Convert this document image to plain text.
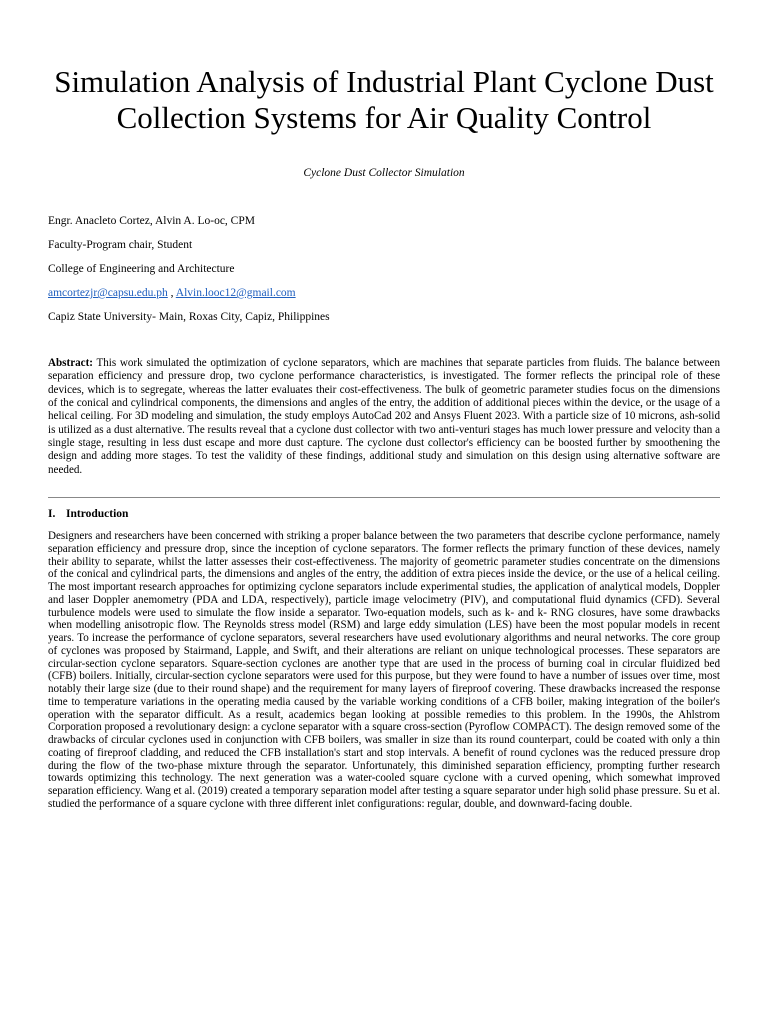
Simulation Analysis of Industrial Plant Cyclone Dust Collection Systems for Air Quality Control
Cyclone Dust Collector Simulation
Engr. Anacleto Cortez, Alvin A. Lo-oc, CPM
Faculty-Program chair, Student
College of Engineering and Architecture
amcortezjr@capsu.edu.ph , Alvin.looc12@gmail.com
Capiz State University- Main, Roxas City, Capiz, Philippines

Abstract: This work simulated the optimization of cyclone separators, which are machines that separate particles from fluids. The balance between separation efficiency and pressure drop, two cyclone performance characteristics, is investigated. The former reflects the principal role of these devices, which is to segregate, whereas the latter evaluates their cost-effectiveness. The bulk of geometric parameter studies focus on the dimensions of the conical and cylindrical components, the dimensions and angles of the entry, the addition of additional pieces within the device, or the usage of a helical ceiling. For 3D modeling and simulation, the study employs AutoCad 202 and Ansys Fluent 2023. With a particle size of 10 microns, ash-solid is utilized as a dust alternative. The results reveal that a cyclone dust collector with two anti-venturi stages has much lower pressure and velocity than a single stage, resulting in less dust escape and more dust capture. The cyclone dust collector's efficiency can be boosted further by smoothening the design and adding more stages. To test the validity of these findings, additional study and simulation on this design using alternative software are needed.

I. Introduction

Designers and researchers have been concerned with striking a proper balance between the two parameters that describe cyclone performance, namely separation efficiency and pressure drop, since the inception of cyclone separators. The former reflects the primary function of these devices, namely their ability to separate, whilst the latter assesses their cost-effectiveness. The majority of geometric parameter studies concentrate on the dimensions of the conical and cylindrical parts, the dimensions and angles of the entry, the addition of extra pieces inside the device, or the use of a helical ceiling. The most important research approaches for optimizing cyclone separators include experimental studies, the application of analytical models, Doppler and laser Doppler anemometry (PDA and LDA, respectively), particle image velocimetry (PIV), and computational fluid dynamics (CFD). Several turbulence models were used to simulate the flow inside a separator. Two-equation models, such as k- and k- RNG closures, have some drawbacks when modelling anisotropic flow. The Reynolds stress model (RSM) and large eddy simulation (LES) have been the most popular models in recent years. To increase the performance of cyclone separators, several researchers have used evolutionary algorithms and neural networks. The core group of cyclones was proposed by Stairmand, Lapple, and Swift, and their alterations are reliant on unique technological processes. These separators are circular-section cyclone separators. Square-section cyclones are another type that are used in the process of burning coal in circular fluidized bed (CFB) boilers. Initially, circular-section cyclone separators were used for this purpose, but they were found to have a number of issues over time, most notably their large size (due to their round shape) and the requirement for many layers of fireproof covering. These drawbacks increased the response time to temperature variations in the operating media caused by the variable working conditions of a CFB boiler, making integration of the boiler's operation with the separator difficult. As a result, academics began looking at possible remedies to this problem. In the 1990s, the Ahlstrom Corporation proposed a revolutionary design: a cyclone separator with a square cross-section (Pyroflow COMPACT). The design removed some of the drawbacks of circular cyclones used in conjunction with CFB boilers, was smaller in size than its round counterpart, could be coated with only a thin coating of fireproof cladding, and reduced the CFB installation's start and stop intervals. A benefit of round cyclones was the reduced pressure drop during the flow of the two-phase mixture through the separator. Unfortunately, this diminished separation efficiency, prompting further research towards optimizing this technology. The next generation was a water-cooled square cyclone with a curved opening, which somewhat improved separation efficiency. Wang et al. (2019) created a temporary separation model after testing a square separator under high solid phase pressure. Su et al. studied the performance of a square cyclone with three different inlet configurations: regular, double, and downward-facing double.
